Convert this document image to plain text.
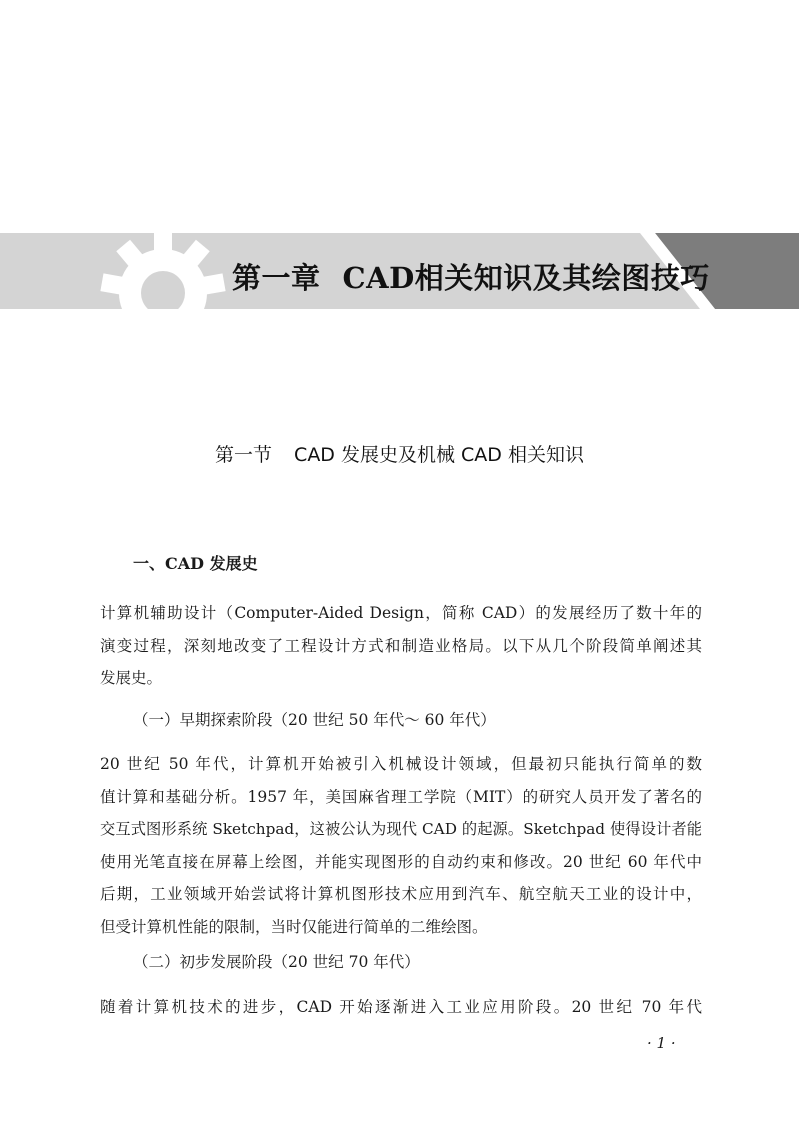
第一章 CAD相关知识及其绘图技巧
第一节 CAD 发展史及机械 CAD 相关知识
一、CAD 发展史
计算机辅助设计（Computer-Aided Design，简称 CAD）的发展经历了数十年的
演变过程，深刻地改变了工程设计方式和制造业格局。以下从几个阶段简单阐述其
发展史。
（一）早期探索阶段（20 世纪 50 年代～ 60 年代）
20 世纪 50 年代，计算机开始被引入机械设计领域，但最初只能执行简单的数
值计算和基础分析。1957 年，美国麻省理工学院（MIT）的研究人员开发了著名的
交互式图形系统 Sketchpad，这被公认为现代 CAD 的起源。Sketchpad 使得设计者能
使用光笔直接在屏幕上绘图，并能实现图形的自动约束和修改。20 世纪 60 年代中
后期，工业领域开始尝试将计算机图形技术应用到汽车、航空航天工业的设计中，
但受计算机性能的限制，当时仅能进行简单的二维绘图。
（二）初步发展阶段（20 世纪 70 年代）
随着计算机技术的进步，CAD 开始逐渐进入工业应用阶段。20 世纪 70 年代
· 1 ·
